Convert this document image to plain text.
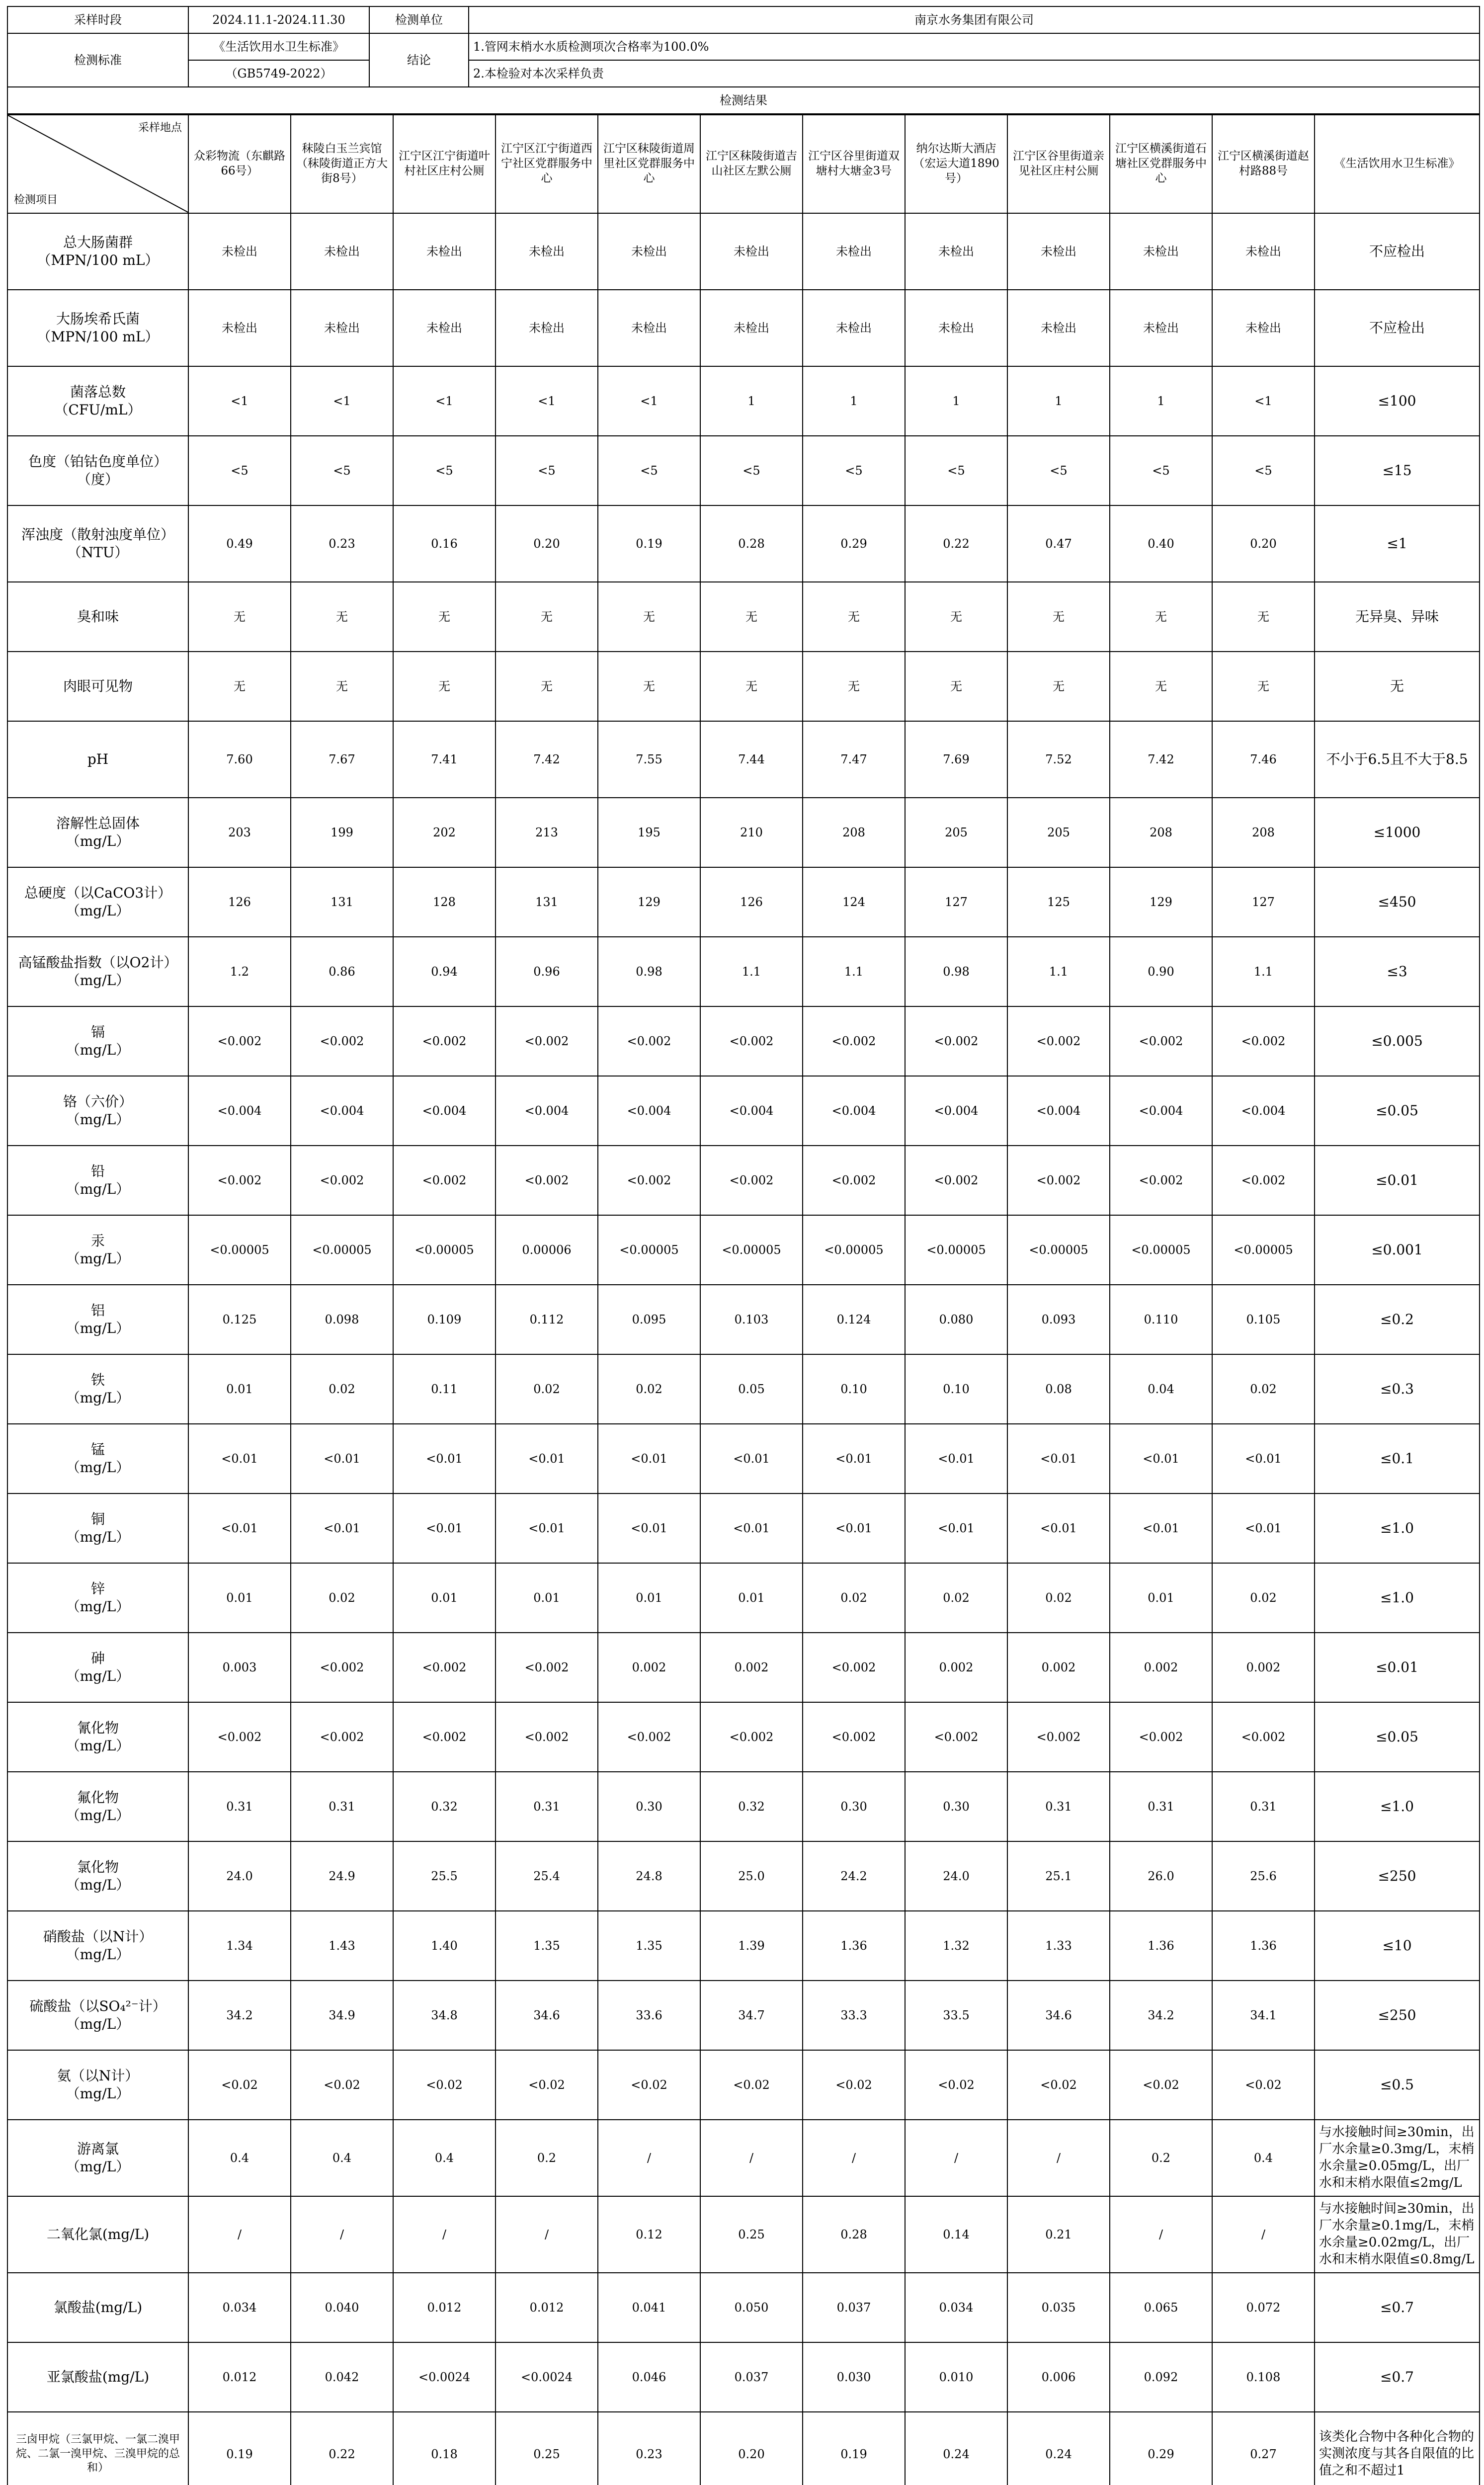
采样时段	2024.11.1-2024.11.30	检测单位	南京水务集团有限公司
检测标准	《生活饮用水卫生标准》	结论	1.管网末梢水水质检测项次合格率为100.0%
	（GB5749-2022）		2.本检验对本次采样负责
检测结果			
采样地点
检测项目	众彩物流（东麒路66号）	秣陵白玉兰宾馆（秣陵街道正方大街8号）	江宁区江宁街道叶村社区庄村公厕	江宁区江宁街道西宁社区党群服务中心	江宁区秣陵街道周里社区党群服务中心	江宁区秣陵街道吉山社区左默公厕	江宁区谷里街道双塘村大塘金3号	纳尔达斯大酒店（宏运大道1890号）	江宁区谷里街道亲见社区庄村公厕	江宁区横溪街道石塘社区党群服务中心	江宁区横溪街道赵村路88号	《生活饮用水卫生标准》
总大肠菌群
（MPN/100 mL）	未检出	未检出	未检出	未检出	未检出	未检出	未检出	未检出	未检出	未检出	未检出	不应检出
大肠埃希氏菌
（MPN/100 mL）	未检出	未检出	未检出	未检出	未检出	未检出	未检出	未检出	未检出	未检出	未检出	不应检出
菌落总数
（CFU/mL）	<1	<1	<1	<1	<1	1	1	1	1	1	<1	≤100
色度（铂钴色度单位）
（度）	<5	<5	<5	<5	<5	<5	<5	<5	<5	<5	<5	≤15
浑浊度（散射浊度单位）
（NTU）	0.49	0.23	0.16	0.20	0.19	0.28	0.29	0.22	0.47	0.40	0.20	≤1
臭和味	无	无	无	无	无	无	无	无	无	无	无	无异臭、异味
肉眼可见物	无	无	无	无	无	无	无	无	无	无	无	无
pH	7.60	7.67	7.41	7.42	7.55	7.44	7.47	7.69	7.52	7.42	7.46	不小于6.5且不大于8.5
溶解性总固体
（mg/L）	203	199	202	213	195	210	208	205	205	208	208	≤1000
总硬度（以CaCO3计）
（mg/L）	126	131	128	131	129	126	124	127	125	129	127	≤450
高锰酸盐指数（以O2计）
（mg/L）	1.2	0.86	0.94	0.96	0.98	1.1	1.1	0.98	1.1	0.90	1.1	≤3
镉
（mg/L）	<0.002	<0.002	<0.002	<0.002	<0.002	<0.002	<0.002	<0.002	<0.002	<0.002	<0.002	≤0.005
铬（六价）
（mg/L）	<0.004	<0.004	<0.004	<0.004	<0.004	<0.004	<0.004	<0.004	<0.004	<0.004	<0.004	≤0.05
铅
（mg/L）	<0.002	<0.002	<0.002	<0.002	<0.002	<0.002	<0.002	<0.002	<0.002	<0.002	<0.002	≤0.01
汞
（mg/L）	<0.00005	<0.00005	<0.00005	0.00006	<0.00005	<0.00005	<0.00005	<0.00005	<0.00005	<0.00005	<0.00005	≤0.001
铝
（mg/L）	0.125	0.098	0.109	0.112	0.095	0.103	0.124	0.080	0.093	0.110	0.105	≤0.2
铁
（mg/L）	0.01	0.02	0.11	0.02	0.02	0.05	0.10	0.10	0.08	0.04	0.02	≤0.3
锰
（mg/L）	<0.01	<0.01	<0.01	<0.01	<0.01	<0.01	<0.01	<0.01	<0.01	<0.01	<0.01	≤0.1
铜
（mg/L）	<0.01	<0.01	<0.01	<0.01	<0.01	<0.01	<0.01	<0.01	<0.01	<0.01	<0.01	≤1.0
锌
（mg/L）	0.01	0.02	0.01	0.01	0.01	0.01	0.02	0.02	0.02	0.01	0.02	≤1.0
砷
（mg/L）	0.003	<0.002	<0.002	<0.002	0.002	0.002	<0.002	0.002	0.002	0.002	0.002	≤0.01
氰化物
（mg/L）	<0.002	<0.002	<0.002	<0.002	<0.002	<0.002	<0.002	<0.002	<0.002	<0.002	<0.002	≤0.05
氟化物
（mg/L）	0.31	0.31	0.32	0.31	0.30	0.32	0.30	0.30	0.31	0.31	0.31	≤1.0
氯化物
（mg/L）	24.0	24.9	25.5	25.4	24.8	25.0	24.2	24.0	25.1	26.0	25.6	≤250
硝酸盐（以N计）
（mg/L）	1.34	1.43	1.40	1.35	1.35	1.39	1.36	1.32	1.33	1.36	1.36	≤10
硫酸盐（以SO₄²⁻计）
（mg/L）	34.2	34.9	34.8	34.6	33.6	34.7	33.3	33.5	34.6	34.2	34.1	≤250
氨（以N计）
（mg/L）	<0.02	<0.02	<0.02	<0.02	<0.02	<0.02	<0.02	<0.02	<0.02	<0.02	<0.02	≤0.5
游离氯
（mg/L）	0.4	0.4	0.4	0.2	/	/	/	/	/	0.2	0.4	与水接触时间≥30min，出厂水余量≥0.3mg/L，末梢水余量≥0.05mg/L，出厂水和末梢水限值≤2mg/L
二氧化氯(mg/L)	/	/	/	/	0.12	0.25	0.28	0.14	0.21	/	/	与水接触时间≥30min，出厂水余量≥0.1mg/L，末梢水余量≥0.02mg/L，出厂水和末梢水限值≤0.8mg/L
氯酸盐(mg/L)	0.034	0.040	0.012	0.012	0.041	0.050	0.037	0.034	0.035	0.065	0.072	≤0.7
亚氯酸盐(mg/L)	0.012	0.042	<0.0024	<0.0024	0.046	0.037	0.030	0.010	0.006	0.092	0.108	≤0.7
三卤甲烷（三氯甲烷、一氯二溴甲烷、二氯一溴甲烷、三溴甲烷的总和）	0.19	0.22	0.18	0.25	0.23	0.20	0.19	0.24	0.24	0.29	0.27	该类化合物中各种化合物的实测浓度与其各自限值的比值之和不超过1
